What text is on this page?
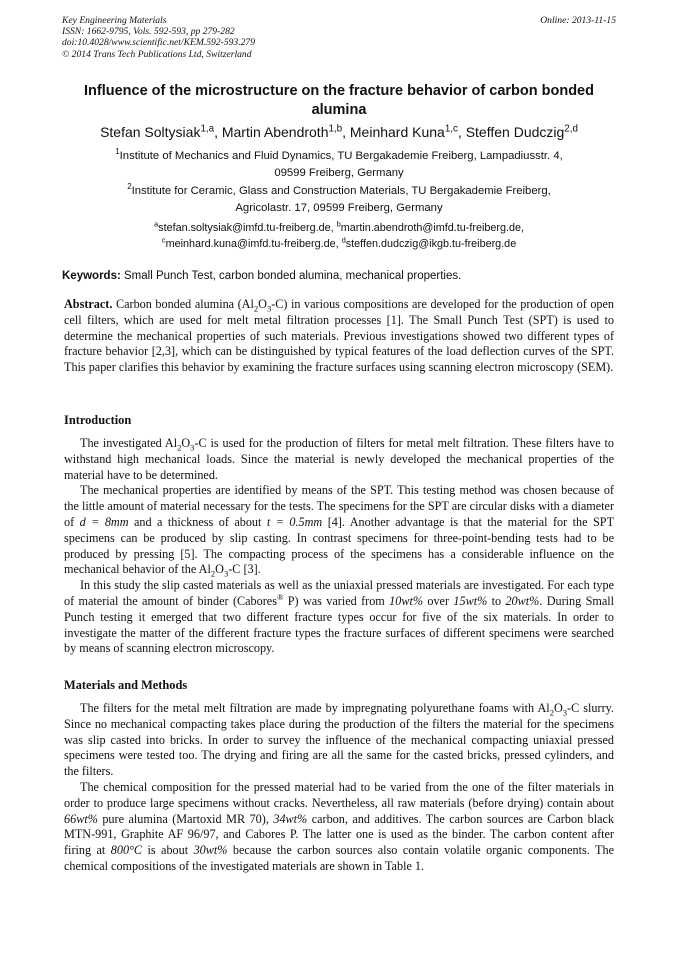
Key Engineering Materials
ISSN: 1662-9795, Vols. 592-593, pp 279-282
doi:10.4028/www.scientific.net/KEM.592-593.279
© 2014 Trans Tech Publications Ltd, Switzerland
Online: 2013-11-15
Influence of the microstructure on the fracture behavior of carbon bonded alumina
Stefan Soltysiak$^{1,a}$, Martin Abendroth$^{1,b}$, Meinhard Kuna$^{1,c}$, Steffen Dudczig$^{2,d}$
$^1$Institute of Mechanics and Fluid Dynamics, TU Bergakademie Freiberg, Lampadiusstr. 4,
09599 Freiberg, Germany
$^2$Institute for Ceramic, Glass and Construction Materials, TU Bergakademie Freiberg,
Agricolastr. 17, 09599 Freiberg, Germany
$^a$stefan.soltysiak@imfd.tu-freiberg.de, $^b$martin.abendroth@imfd.tu-freiberg.de,
$^c$meinhard.kuna@imfd.tu-freiberg.de, $^d$steffen.dudczig@ikgb.tu-freiberg.de
Keywords: Small Punch Test, carbon bonded alumina, mechanical properties.

Abstract. Carbon bonded alumina $(Al_2O_3-C)$ in various compositions are developed for the production of open cell filters, which are used for melt metal filtration processes [1]. The Small Punch Test (SPT) is used to determine the mechanical properties of such materials. Previous investigations showed two different types of fracture behavior [2,3], which can be distinguished by typical features of the load deflection curves of the SPT. This paper clarifies this behavior by examining the fracture surfaces using scanning electron microscopy (SEM).

Introduction

The investigated $Al_2O_3-C$ is used for the production of filters for metal melt filtration. These filters have to withstand high mechanical loads. Since the material is newly developed the mechanical properties of the material have to be determined.

The mechanical properties are identified by means of the SPT. This testing method was chosen because of the little amount of material necessary for the tests. The specimens for the SPT are circular disks with a diameter of d = 8mm and a thickness of about t = 0.5mm [4]. Another advantage is that the material for the SPT specimens can be produced by slip casting. In contrast specimens for three-point-bending tests had to be produced by pressing [5]. The compacting process of the specimens has a considerable influence on the mechanical behavior of the $Al_2O_3-C$ [3].

In this study the slip casted materials as well as the uniaxial pressed materials are investigated. For each type of material the amount of binder (Cabores® P) was varied from 10wt% over 15wt% to 20wt%. During Small Punch testing it emerged that two different fracture types occur for five of the six materials. In order to investigate the matter of the different fracture types the fracture surfaces of different specimens were searched by means of scanning electron microscopy.

Materials and Methods

The filters for the metal melt filtration are made by impregnating polyurethane foams with $Al_2O_3-C$ slurry. Since no mechanical compacting takes place during the production of the filters the material for the specimens was slip casted into bricks. In order to survey the influence of the mechanical compacting uniaxial pressed specimens were tested too. The drying and firing are all the same for the casted bricks, pressed cylinders, and the filters.

The chemical composition for the pressed material had to be varied from the one of the filter materials in order to produce large specimens without cracks. Nevertheless, all raw materials (before drying) contain about 66wt% pure alumina (Martoxid MR 70), 34wt% carbon, and additives. The carbon sources are Carbon black MTN-991, Graphite AF 96/97, and Cabores P. The latter one is used as the binder. The carbon content after firing at 800°C is about 30wt% because the carbon sources also contain volatile organic components. The chemical compositions of the investigated materials are shown in Table 1.
